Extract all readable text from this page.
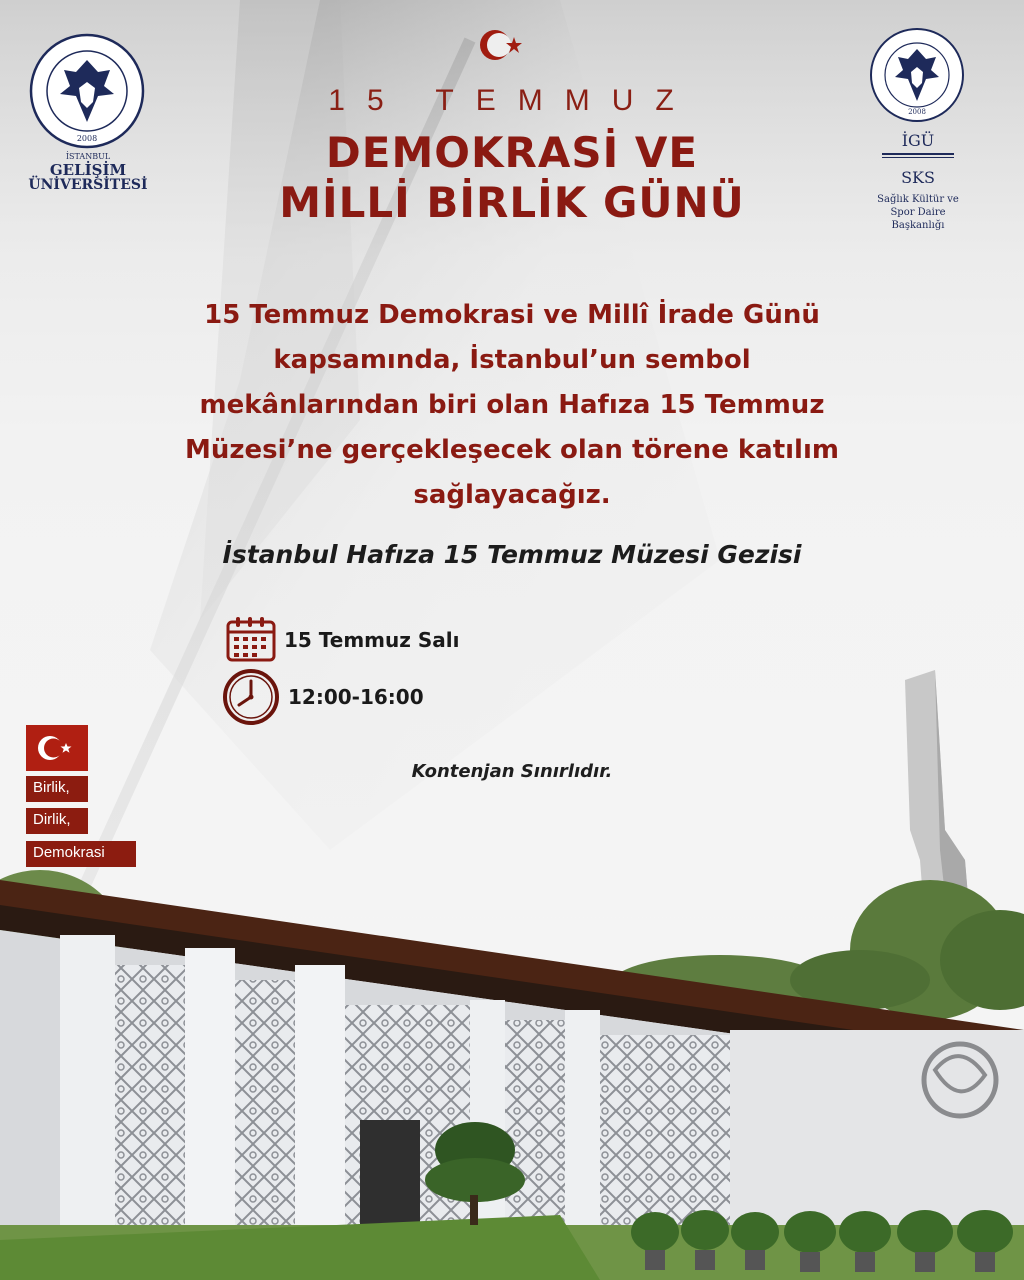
15 TEMMUZ
DEMOKRASİ VE
MİLLİ BİRLİK GÜNÜ
2008
İSTANBUL
GELİŞİM
ÜNİVERSİTESİ
2008
İGÜ
SKS
Sağlık Kültür ve
Spor Daire
Başkanlığı
15 Temmuz Demokrasi ve Millî İrade Günü
kapsamında, İstanbul’un sembol
mekânlarından biri olan Hafıza 15 Temmuz
Müzesi’ne gerçekleşecek olan törene katılım
sağlayacağız.
İstanbul Hafıza 15 Temmuz Müzesi Gezisi
15 Temmuz Salı
12:00-16:00
Kontenjan Sınırlıdır.
Birlik,
Dirlik,
Demokrasi
